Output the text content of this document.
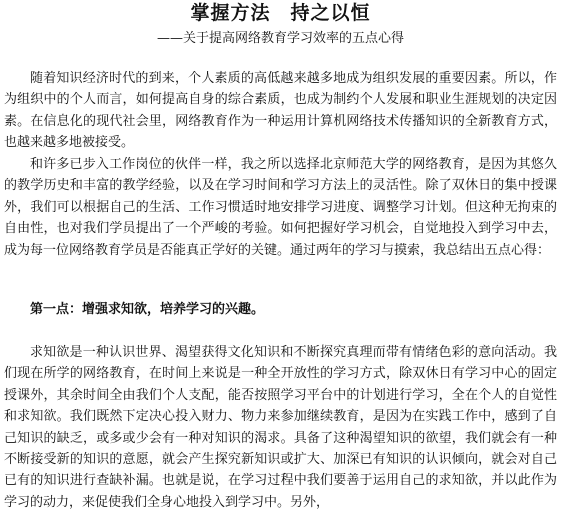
掌握方法　持之以恒
——关于提高网络教育学习效率的五点心得

随着知识经济时代的到来，个人素质的高低越来越多地成为组织发展的重要因素。所以，作为组织中的个人而言，如何提高自身的综合素质，也成为制约个人发展和职业生涯规划的决定因素。在信息化的现代社会里，网络教育作为一种运用计算机网络技术传播知识的全新教育方式，也越来越多地被接受。

和许多已步入工作岗位的伙伴一样，我之所以选择北京师范大学的网络教育，是因为其悠久的教学历史和丰富的教学经验，以及在学习时间和学习方法上的灵活性。除了双休日的集中授课外，我们可以根据自己的生活、工作习惯适时地安排学习进度、调整学习计划。但这种无拘束的自由性，也对我们学员提出了一个严峻的考验。如何把握好学习机会，自觉地投入到学习中去，成为每一位网络教育学员是否能真正学好的关键。通过两年的学习与摸索，我总结出五点心得：

第一点：增强求知欲，培养学习的兴趣。

求知欲是一种认识世界、渴望获得文化知识和不断探究真理而带有情绪色彩的意向活动。我们现在所学的网络教育，在时间上来说是一种全开放性的学习方式，除双休日有学习中心的固定授课外，其余时间全由我们个人支配，能否按照学习平台中的计划进行学习，全在个人的自觉性和求知欲。我们既然下定决心投入财力、物力来参加继续教育，是因为在实践工作中，感到了自己知识的缺乏，或多或少会有一种对知识的渴求。具备了这种渴望知识的欲望，我们就会有一种不断接受新的知识的意愿，就会产生探究新知识或扩大、加深已有知识的认识倾向，就会对自己已有的知识进行查缺补漏。也就是说，在学习过程中我们要善于运用自己的求知欲，并以此作为学习的动力，来促使我们全身心地投入到学习中。另外，
